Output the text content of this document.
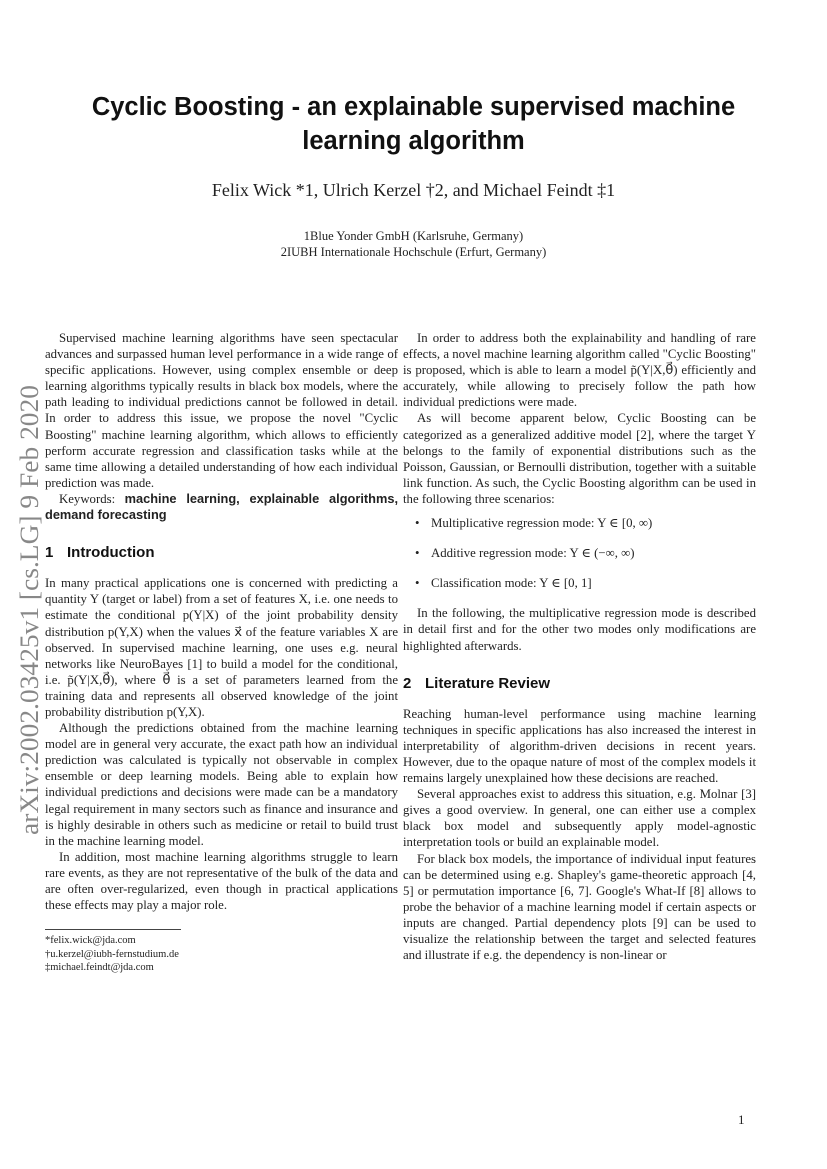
Cyclic Boosting - an explainable supervised machine learning algorithm
Felix Wick *1, Ulrich Kerzel †2, and Michael Feindt ‡1
1Blue Yonder GmbH (Karlsruhe, Germany)
2IUBH Internationale Hochschule (Erfurt, Germany)
arXiv:2002.03425v1 [cs.LG] 9 Feb 2020

Supervised machine learning algorithms have seen spectacular advances and surpassed human level performance in a wide range of specific applications. However, using complex ensemble or deep learning algorithms typically results in black box models, where the path leading to individual predictions cannot be followed in detail. In order to address this issue, we propose the novel "Cyclic Boosting" machine learning algorithm, which allows to efficiently perform accurate regression and classification tasks while at the same time allowing a detailed understanding of how each individual prediction was made.

Keywords: machine learning, explainable algorithms, demand forecasting

1 Introduction

In many practical applications one is concerned with predicting a quantity Y (target or label) from a set of features X, i.e. one needs to estimate the conditional p(Y|X) of the joint probability density distribution p(Y,X) when the values x⃗ of the feature variables X are observed. In supervised machine learning, one uses e.g. neural networks like NeuroBayes [1] to build a model for the conditional, i.e. p̃(Y|X,θ⃗), where θ⃗ is a set of parameters learned from the training data and represents all observed knowledge of the joint probability distribution p(Y,X).

Although the predictions obtained from the machine learning model are in general very accurate, the exact path how an individual prediction was calculated is typically not observable in complex ensemble or deep learning models. Being able to explain how individual predictions and decisions were made can be a mandatory legal requirement in many sectors such as finance and insurance and is highly desirable in others such as medicine or retail to build trust in the machine learning model.

In addition, most machine learning algorithms struggle to learn rare events, as they are not representative of the bulk of the data and are often over-regularized, even though in practical applications these effects may play a major role.

*felix.wick@jda.com

†u.kerzel@iubh-fernstudium.de

‡michael.feindt@jda.com

In order to address both the explainability and handling of rare effects, a novel machine learning algorithm called "Cyclic Boosting" is proposed, which is able to learn a model p̃(Y|X,θ⃗) efficiently and accurately, while allowing to precisely follow the path how individual predictions were made.

As will become apparent below, Cyclic Boosting can be categorized as a generalized additive model [2], where the target Y belongs to the family of exponential distributions such as the Poisson, Gaussian, or Bernoulli distribution, together with a suitable link function. As such, the Cyclic Boosting algorithm can be used in the following three scenarios:

• Multiplicative regression mode: Y ∈ [0, ∞)
• Additive regression mode: Y ∈ (−∞, ∞)
• Classification mode: Y ∈ [0, 1]

In the following, the multiplicative regression mode is described in detail first and for the other two modes only modifications are highlighted afterwards.

2 Literature Review

Reaching human-level performance using machine learning techniques in specific applications has also increased the interest in interpretability of algorithm-driven decisions in recent years. However, due to the opaque nature of most of the complex models it remains largely unexplained how these decisions are reached.

Several approaches exist to address this situation, e.g. Molnar [3] gives a good overview. In general, one can either use a complex black box model and subsequently apply model-agnostic interpretation tools or build an explainable model.

For black box models, the importance of individual input features can be determined using e.g. Shapley's game-theoretic approach [4, 5] or permutation importance [6, 7]. Google's What-If [8] allows to probe the behavior of a machine learning model if certain aspects or inputs are changed. Partial dependency plots [9] can be used to visualize the relationship between the target and selected features and illustrate if e.g. the dependency is non-linear or

1
